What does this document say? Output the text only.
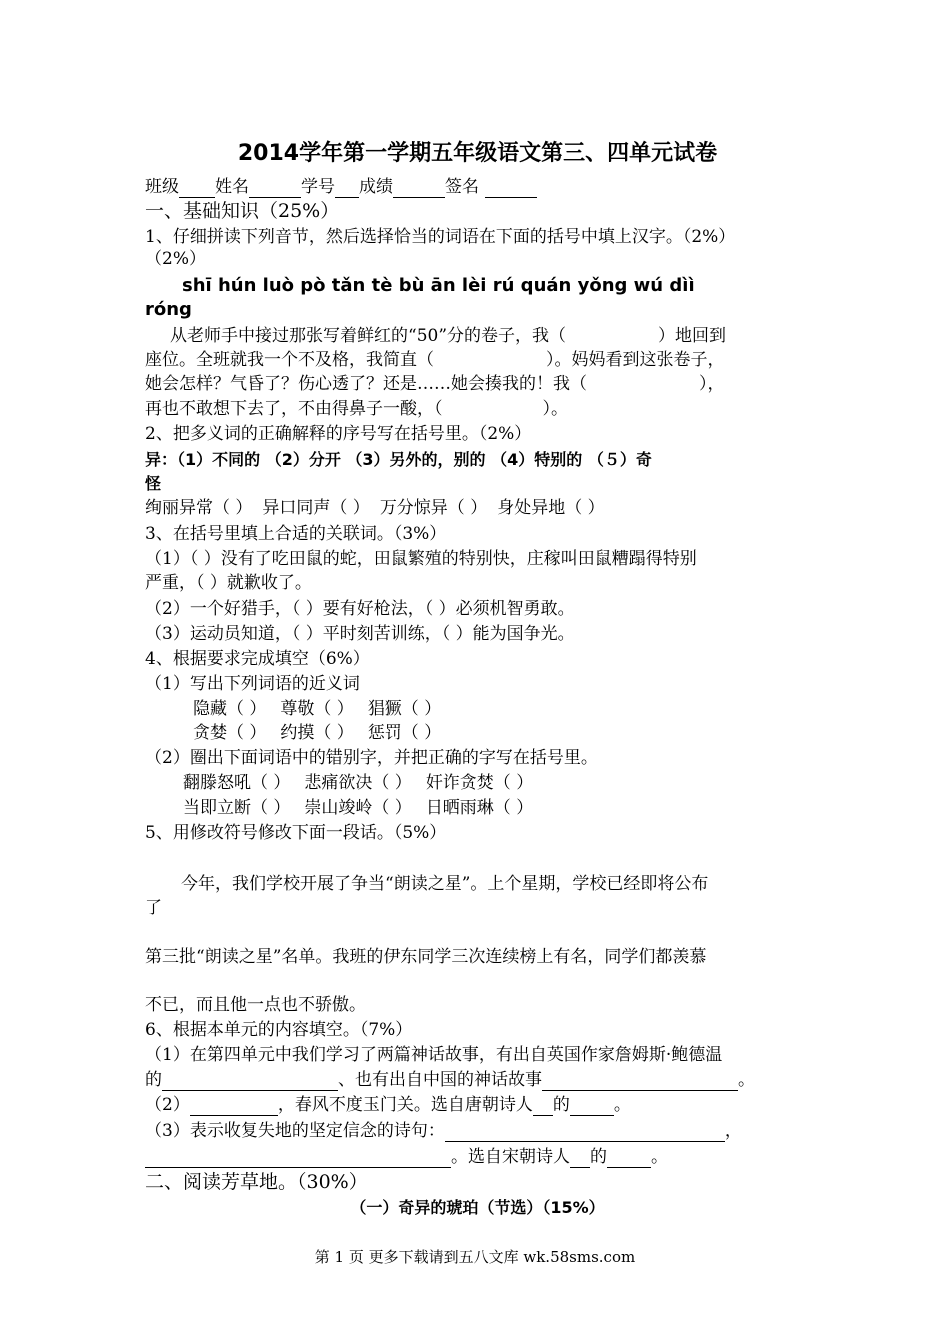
2014学年第一学期五年级语文第三、四单元试卷
班级 姓名	学号 成绩	签名
一、基础知识（25%）
1、仔细拼读下列音节，然后选择恰当的词语在下面的括号中填上汉字。（2%）
（2%）
shī hún luò pò tǎn tè bù ān lèi rú quán yǒng wú dìì
róng
从老师手中接过那张写着鲜红的“50”分的卷子，我（	）地回到
座位。全班就我一个不及格，我简直（	）。妈妈看到这张卷子，
她会怎样？气昏了？伤心透了？还是……她会揍我的！我（	），
再也不敢想下去了，不由得鼻子一酸，（	）。
2、把多义词的正确解释的序号写在括号里。（2%）
异：（1）不同的 （2）分开 （3）另外的，别的 （4）特别的 （５）奇
怪
绚丽异常（ ） 异口同声（ ） 万分惊异（ ） 身处异地（ ）
3、在括号里填上合适的关联词。（3%）
（1）（ ）没有了吃田鼠的蛇，田鼠繁殖的特别快，庄稼叫田鼠糟蹋得特别
严重，（ ）就歉收了。
（2）一个好猎手，（ ）要有好枪法，（ ）必须机智勇敢。
（3）运动员知道，（ ）平时刻苦训练，（ ）能为国争光。
4、根据要求完成填空（6%）
（1）写出下列词语的近义词
隐藏（ ） 尊敬（ ） 猖獗（ ）
贪婪（ ） 约摸（ ） 惩罚（ ）
（2）圈出下面词语中的错别字，并把正确的字写在括号里。
翻滕怒吼（ ） 悲痛欲决（ ） 奸诈贪焚（ ）
当即立断（ ） 崇山竣岭（ ） 日晒雨琳（ ）
5、用修改符号修改下面一段话。（5%）
今年，我们学校开展了争当“朗读之星”。上个星期，学校已经即将公布
了
第三批“朗读之星”名单。我班的伊东同学三次连续榜上有名，同学们都羡慕
不已，而且他一点也不骄傲。
6、根据本单元的内容填空。（7%）
（1）在第四单元中我们学习了两篇神话故事，有出自英国作家詹姆斯·鲍德温
的	、也有出自中国的神话故事	。
（2）	，春风不度玉门关。选自唐朝诗人 的	。
（3）表示收复失地的坚定信念的诗句：	，
。选自宋朝诗人 的	。
二、阅读芳草地。（30%）
（一）奇异的琥珀（节选）（15%）
第 1 页 更多下载请到五八文库 wk.58sms.com
